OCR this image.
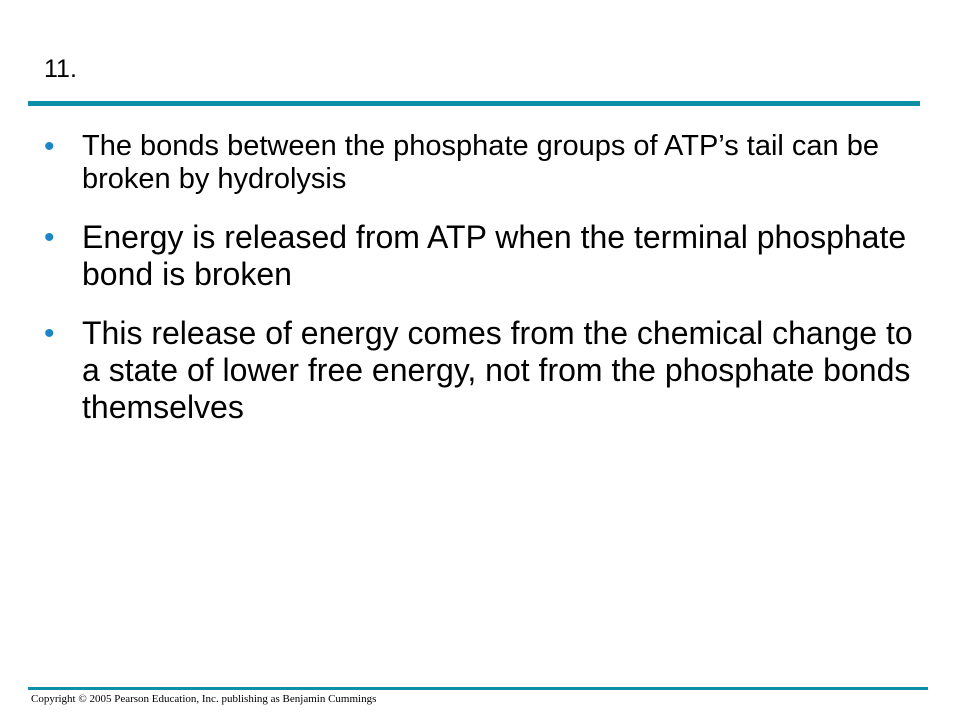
11.
• The bonds between the phosphate groups of ATP’s tail can be broken by hydrolysis
• Energy is released from ATP when the terminal phosphate bond is broken
• This release of energy comes from the chemical change to a state of lower free energy, not from the phosphate bonds themselves
Copyright © 2005 Pearson Education, Inc. publishing as Benjamin Cummings
